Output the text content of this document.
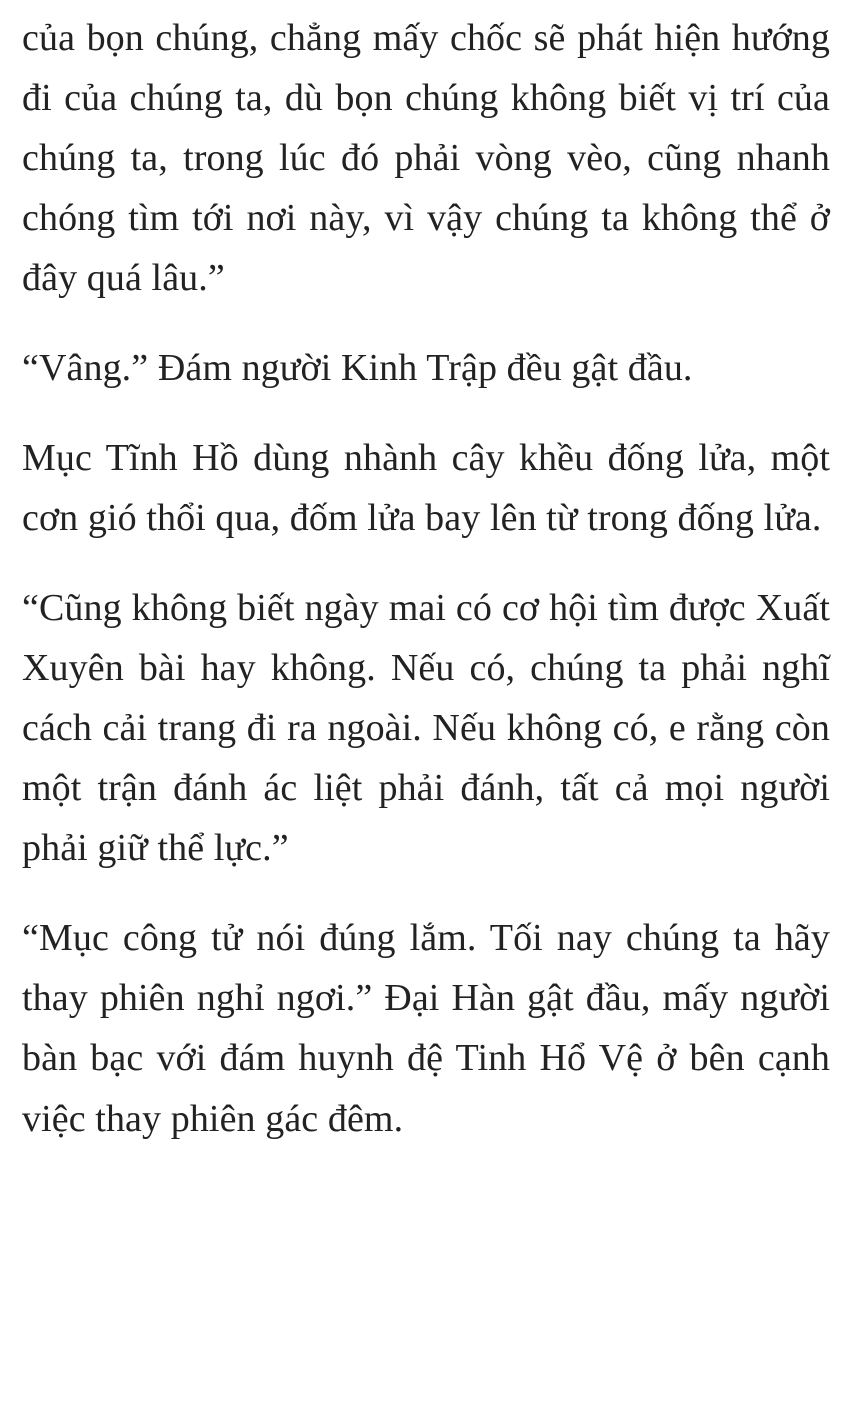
của bọn chúng, chẳng mấy chốc sẽ phát hiện hướng đi của chúng ta, dù bọn chúng không biết vị trí của chúng ta, trong lúc đó phải vòng vèo, cũng nhanh chóng tìm tới nơi này, vì vậy chúng ta không thể ở đây quá lâu.”

“Vâng.” Đám người Kinh Trập đều gật đầu.

Mục Tĩnh Hồ dùng nhành cây khều đống lửa, một cơn gió thổi qua, đốm lửa bay lên từ trong đống lửa.

“Cũng không biết ngày mai có cơ hội tìm được Xuất Xuyên bài hay không. Nếu có, chúng ta phải nghĩ cách cải trang đi ra ngoài. Nếu không có, e rằng còn một trận đánh ác liệt phải đánh, tất cả mọi người phải giữ thể lực.”

“Mục công tử nói đúng lắm. Tối nay chúng ta hãy thay phiên nghỉ ngơi.” Đại Hàn gật đầu, mấy người bàn bạc với đám huynh đệ Tinh Hổ Vệ ở bên cạnh việc thay phiên gác đêm.
